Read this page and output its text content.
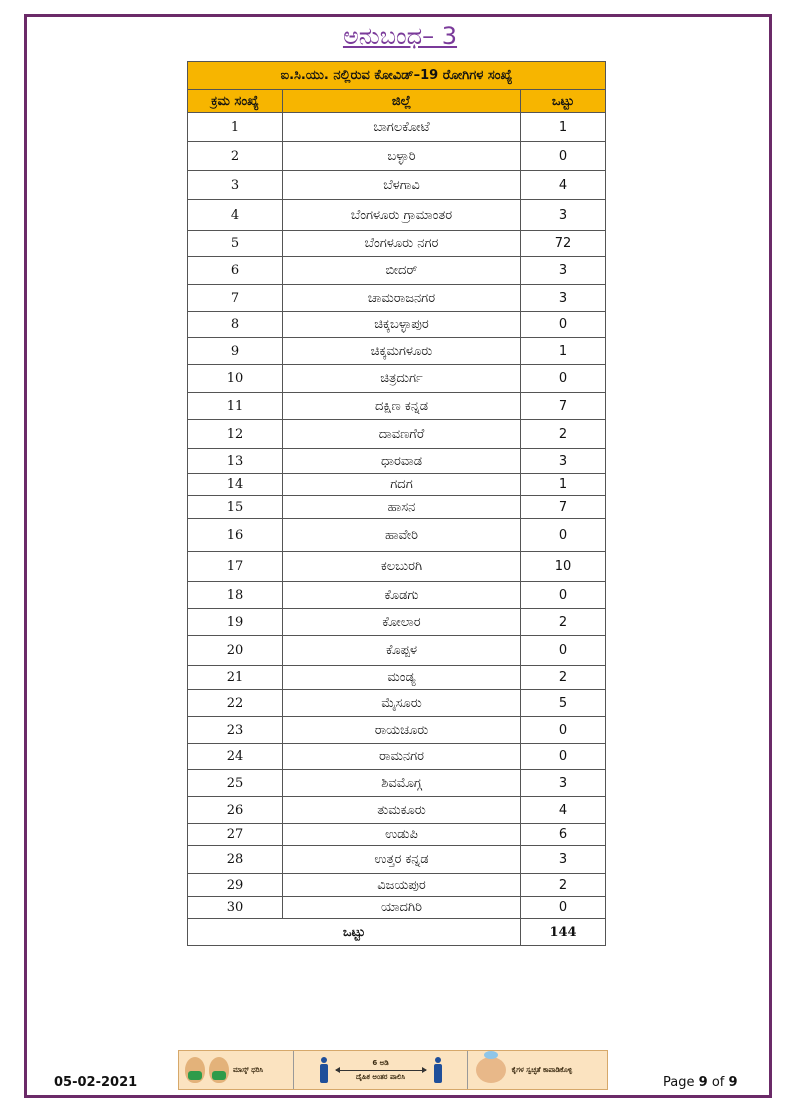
ಅನುಬಂಧ– 3
ಐ.ಸಿ.ಯು. ನಲ್ಲಿರುವ ಕೋವಿಡ್–19 ರೋಗಿಗಳ ಸಂಖ್ಯೆ		
ಕ್ರಮ ಸಂಖ್ಯೆ	ಜಿಲ್ಲೆ	ಒಟ್ಟು
1	ಬಾಗಲಕೋಟೆ	1
2	ಬಳ್ಳಾರಿ	0
3	ಬೆಳಗಾವಿ	4
4	ಬೆಂಗಳೂರು ಗ್ರಾಮಾಂತರ	3
5	ಬೆಂಗಳೂರು ನಗರ	72
6	ಬೀದರ್	3
7	ಚಾಮರಾಜನಗರ	3
8	ಚಿಕ್ಕಬಳ್ಳಾಪುರ	0
9	ಚಿಕ್ಕಮಗಳೂರು	1
10	ಚಿತ್ರದುರ್ಗ	0
11	ದಕ್ಷಿಣ ಕನ್ನಡ	7
12	ದಾವಣಗೆರೆ	2
13	ಧಾರವಾಡ	3
14	ಗದಗ	1
15	ಹಾಸನ	7
16	ಹಾವೇರಿ	0
17	ಕಲಬುರಗಿ	10
18	ಕೊಡಗು	0
19	ಕೋಲಾರ	2
20	ಕೊಪ್ಪಳ	0
21	ಮಂಡ್ಯ	2
22	ಮೈಸೂರು	5
23	ರಾಯಚೂರು	0
24	ರಾಮನಗರ	0
25	ಶಿವಮೊಗ್ಗ	3
26	ತುಮಕೂರು	4
27	ಉಡುಪಿ	6
28	ಉತ್ತರ ಕನ್ನಡ	3
29	ವಿಜಯಪುರ	2
30	ಯಾದಗಿರಿ	0
ಒಟ್ಟು		144
ಮಾಸ್ಕ್ ಧರಿಸಿ
6 ಅಡಿ
ದೈಹಿಕ ಅಂತರ ಪಾಲಿಸಿ
ಕೈಗಳ ಸ್ವಚ್ಛತೆ ಕಾಪಾಡಿಕೊಳ್ಳಿ
05-02-2021	Page 9 of 9
